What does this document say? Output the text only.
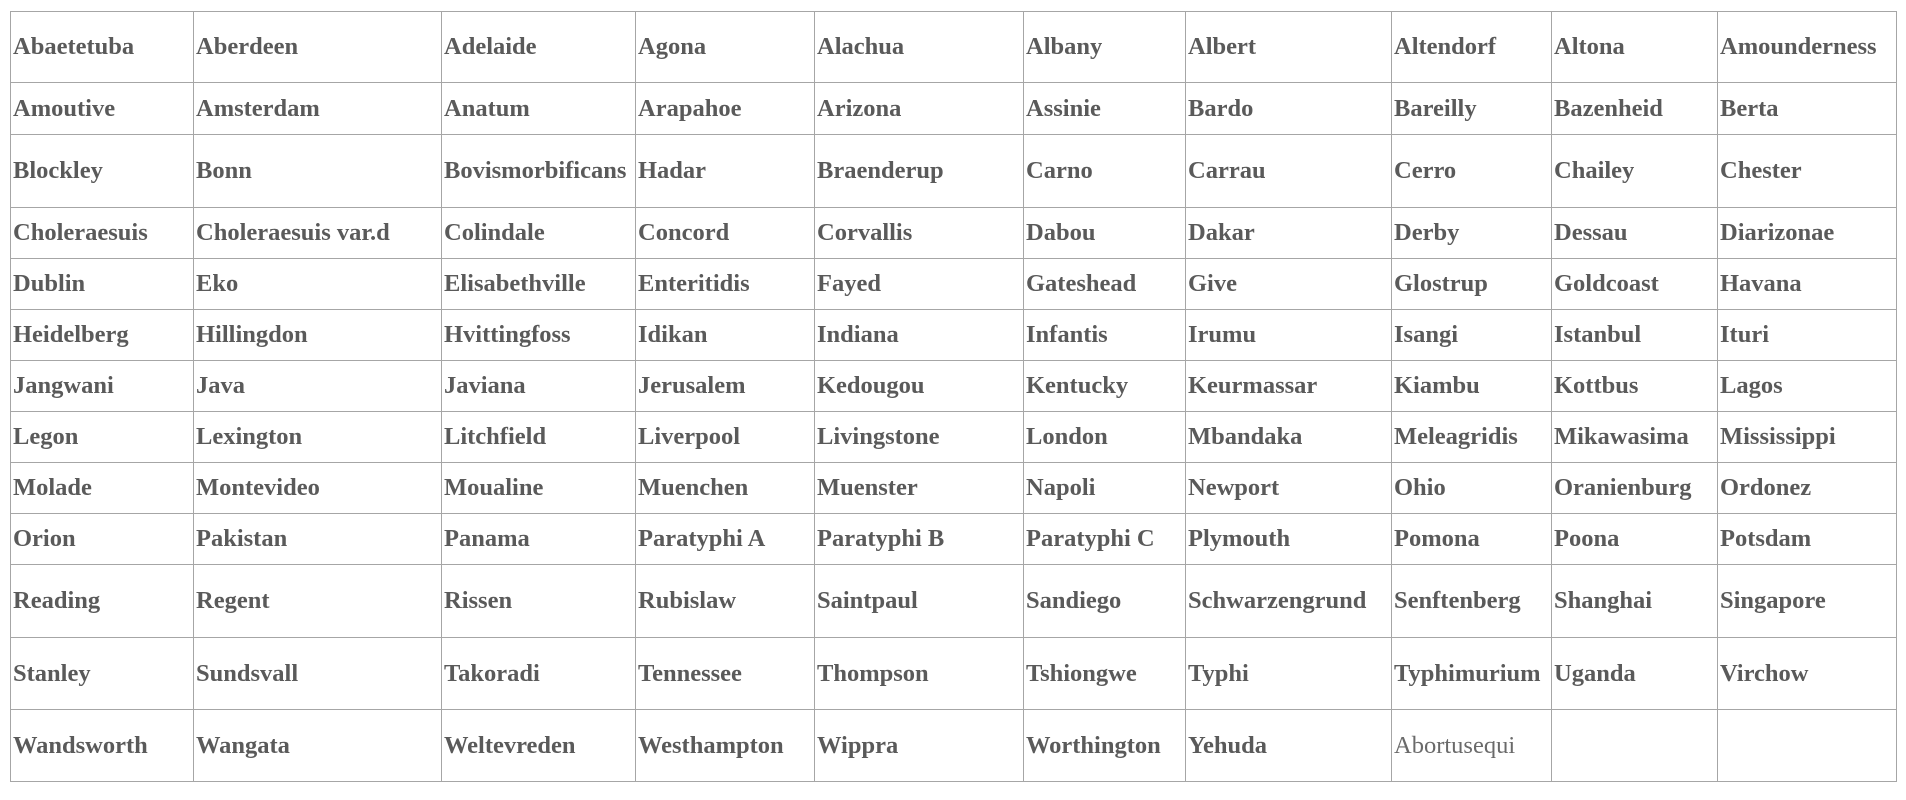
Abaetetuba	Aberdeen	Adelaide	Agona	Alachua	Albany	Albert	Altendorf	Altona	Amounderness
Amoutive	Amsterdam	Anatum	Arapahoe	Arizona	Assinie	Bardo	Bareilly	Bazenheid	Berta
Blockley	Bonn	Bovismorbificans	Hadar	Braenderup	Carno	Carrau	Cerro	Chailey	Chester
Choleraesuis	Choleraesuis var.d	Colindale	Concord	Corvallis	Dabou	Dakar	Derby	Dessau	Diarizonae
Dublin	Eko	Elisabethville	Enteritidis	Fayed	Gateshead	Give	Glostrup	Goldcoast	Havana
Heidelberg	Hillingdon	Hvittingfoss	Idikan	Indiana	Infantis	Irumu	Isangi	Istanbul	Ituri
Jangwani	Java	Javiana	Jerusalem	Kedougou	Kentucky	Keurmassar	Kiambu	Kottbus	Lagos
Legon	Lexington	Litchfield	Liverpool	Livingstone	London	Mbandaka	Meleagridis	Mikawasima	Mississippi
Molade	Montevideo	Moualine	Muenchen	Muenster	Napoli	Newport	Ohio	Oranienburg	Ordonez
Orion	Pakistan	Panama	Paratyphi A	Paratyphi B	Paratyphi C	Plymouth	Pomona	Poona	Potsdam
Reading	Regent	Rissen	Rubislaw	Saintpaul	Sandiego	Schwarzengrund	Senftenberg	Shanghai	Singapore
Stanley	Sundsvall	Takoradi	Tennessee	Thompson	Tshiongwe	Typhi	Typhimurium	Uganda	Virchow
Wandsworth	Wangata	Weltevreden	Westhampton	Wippra	Worthington	Yehuda	Abortusequi		
